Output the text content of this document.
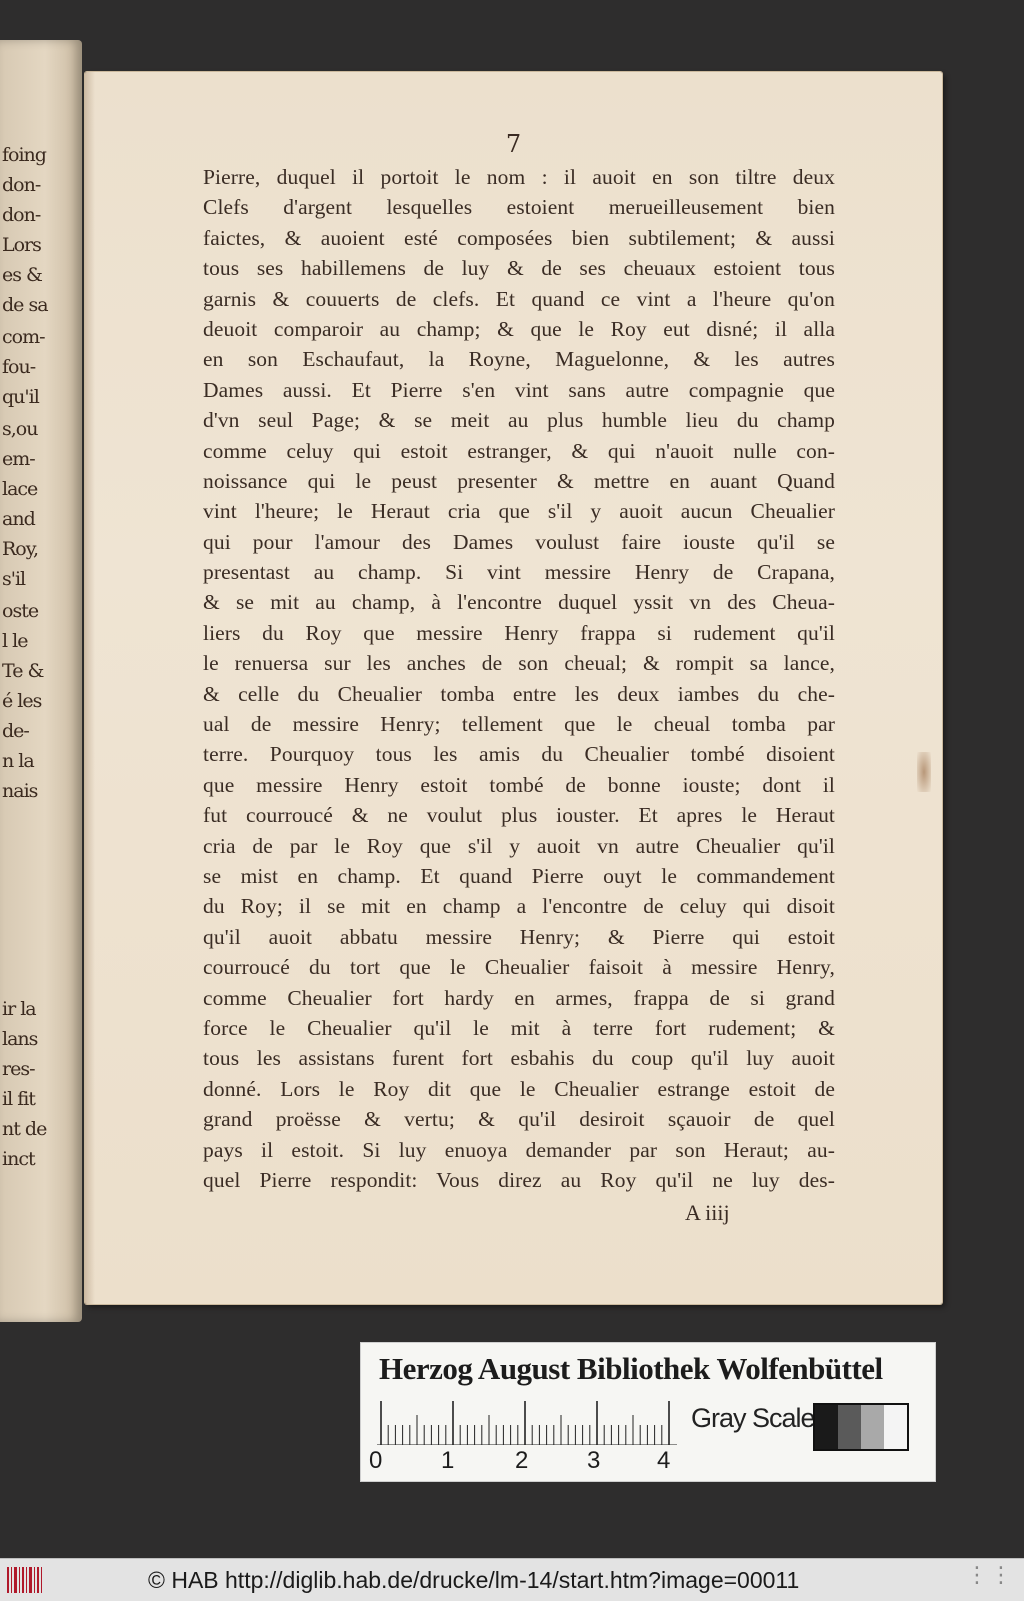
foing
don-
don-
Lors
es &
de sa
com-
fou-
qu'il
s,ou
em-
lace
and
Roy,
s'il
oste
l le
Te &
é les
de-
n la
nais
ir la
lans
res-
il fit
nt de
inct
7
Pierre, duquel il portoit le nom : il auoit en son tiltre deux
Clefs d'argent lesquelles estoient merueilleusement bien
faictes, & auoient esté composées bien subtilement; & aussi
tous ses habillemens de luy & de ses cheuaux estoient tous
garnis & couuerts de clefs. Et quand ce vint a l'heure qu'on
deuoit comparoir au champ; & que le Roy eut disné; il alla
en son Eschaufaut, la Royne, Maguelonne, & les autres
Dames aussi. Et Pierre s'en vint sans autre compagnie que
d'vn seul Page; & se meit au plus humble lieu du champ
comme celuy qui estoit estranger, & qui n'auoit nulle con-
noissance qui le peust presenter & mettre en auant Quand
vint l'heure; le Heraut cria que s'il y auoit aucun Cheualier
qui pour l'amour des Dames voulust faire iouste qu'il se
presentast au champ. Si vint messire Henry de Crapana,
& se mit au champ, à l'encontre duquel yssit vn des Cheua-
liers du Roy que messire Henry frappa si rudement qu'il
le renuersa sur les anches de son cheual; & rompit sa lance,
& celle du Cheualier tomba entre les deux iambes du che-
ual de messire Henry; tellement que le cheual tomba par
terre. Pourquoy tous les amis du Cheualier tombé disoient
que messire Henry estoit tombé de bonne iouste; dont il
fut courroucé & ne voulut plus iouster. Et apres le Heraut
cria de par le Roy que s'il y auoit vn autre Cheualier qu'il
se mist en champ. Et quand Pierre ouyt le commandement
du Roy; il se mit en champ a l'encontre de celuy qui disoit
qu'il auoit abbatu messire Henry; & Pierre qui estoit
courroucé du tort que le Cheualier faisoit à messire Henry,
comme Cheualier fort hardy en armes, frappa de si grand
force le Cheualier qu'il le mit à terre fort rudement; &
tous les assistans furent fort esbahis du coup qu'il luy auoit
donné. Lors le Roy dit que le Cheualier estrange estoit de
grand proësse & vertu; & qu'il desiroit sçauoir de quel
pays il estoit. Si luy enuoya demander par son Heraut; au-
quel Pierre respondit: Vous direz au Roy qu'il ne luy des-
A iiij
Herzog August Bibliothek Wolfenbüttel
0 1	2 3 4
Gray Scale
© HAB http://diglib.hab.de/drucke/lm-14/start.htm?image=00011	⋮⋮
